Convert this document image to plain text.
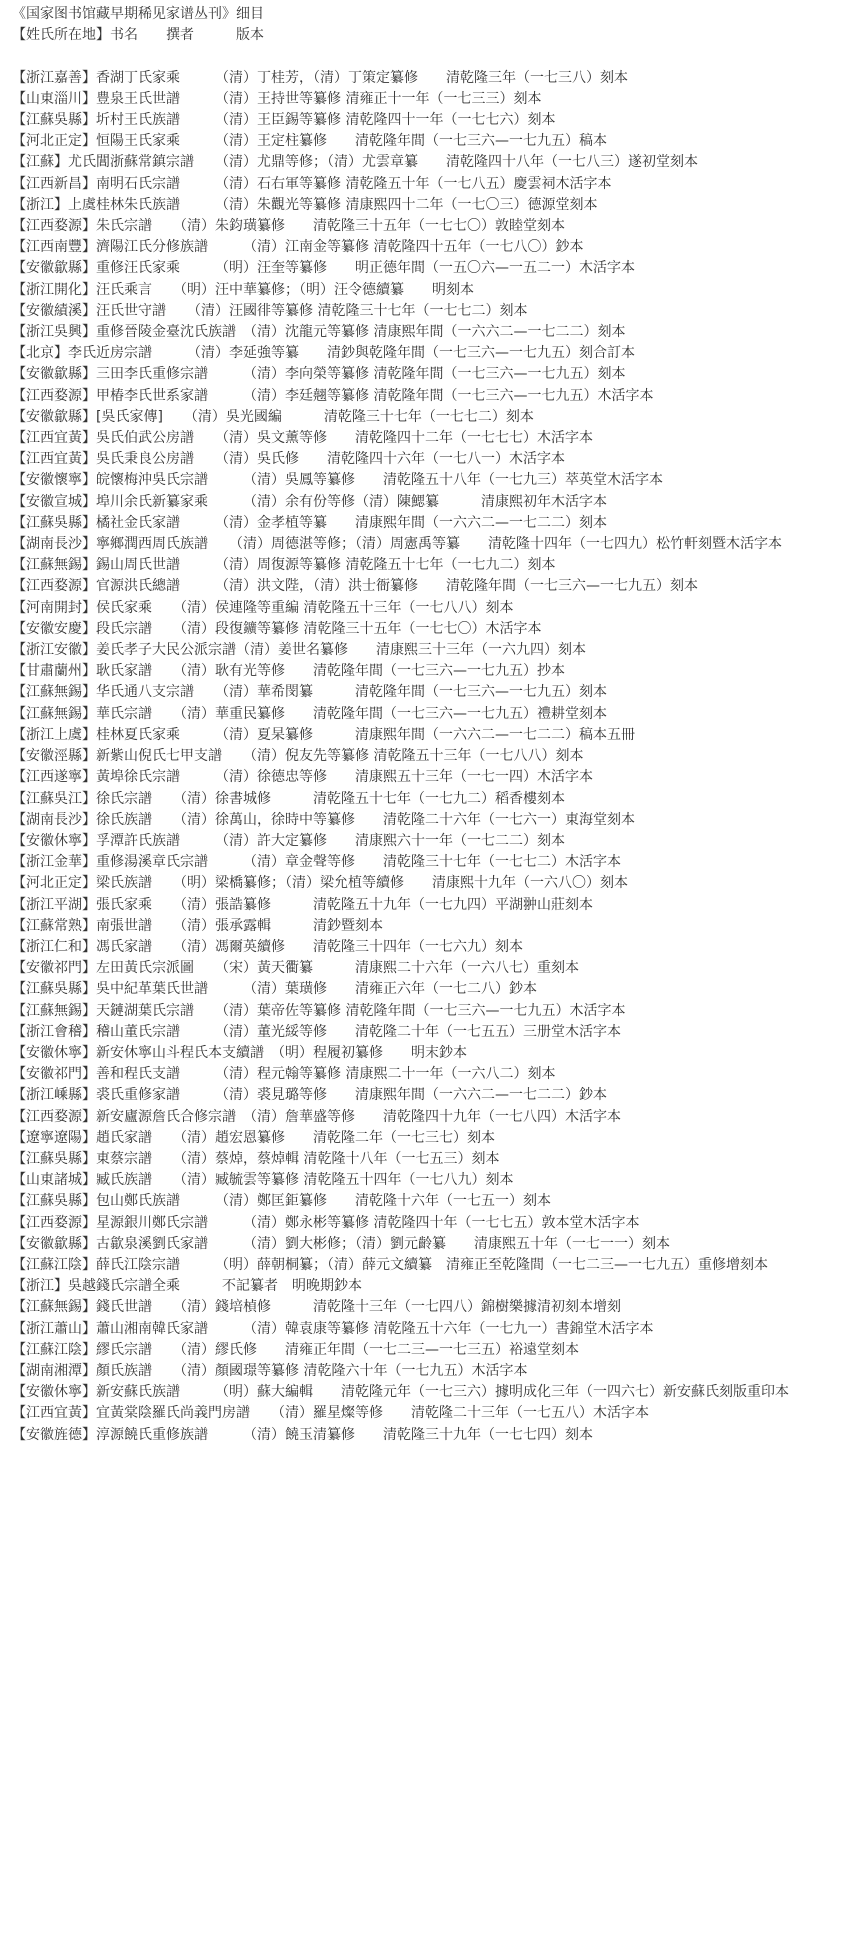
《国家图书馆藏早期稀见家谱丛刊》细目

【姓氏所在地】书名　　撰者　　　版本

【浙江嘉善】香湖丁氏家乘　　　（清）丁桂芳，（清）丁策定纂修　　清乾隆三年（一七三八）刻本

【山東淄川】豊泉王氏世譜　　　（清）王持世等纂修 清雍正十一年（一七三三）刻本

【江蘇吳縣】圻村王氏族譜　　　（清）王臣錫等纂修 清乾隆四十一年（一七七六）刻本

【河北正定】恒陽王氏家乘　　　（清）王定柱纂修　　清乾隆年間（一七三六—一七九五）稿本

【江蘇】尤氏閶浙蘇常鎮宗譜　　（清）尤鼎等修；（清）尤雲章纂　　清乾隆四十八年（一七八三）遂初堂刻本

【江西新昌】南明石氏宗譜　　　（清）石右軍等纂修 清乾隆五十年（一七八五）慶雲祠木活字本

【浙江】上虞桂林朱氏族譜　　　（清）朱觀光等纂修 清康熙四十二年（一七〇三）德源堂刻本

【江西婺源】朱氏宗譜　　（清）朱鈞璜纂修　　清乾隆三十五年（一七七〇）敦睦堂刻本

【江西南豐】濟陽江氏分修族譜　　　（清）江南金等纂修 清乾隆四十五年（一七八〇）鈔本

【安徽歙縣】重修汪氏家乘　　　（明）汪奎等纂修　　明正德年間（一五〇六—一五二一）木活字本

【浙江開化】汪氏乘言　　（明）汪中華纂修；（明）汪令德續纂　　明刻本

【安徽績溪】汪氏世守譜　　（清）汪國徘等纂修 清乾隆三十七年（一七七二）刻本

【浙江吳興】重修晉陵金臺沈氏族譜　（清）沈龍元等纂修 清康熙年間（一六六二—一七二二）刻本

【北京】李氏近房宗譜　　　（清）李延強等纂　　清鈔與乾隆年間（一七三六—一七九五）刻合訂本

【安徽歙縣】三田李氏重修宗譜　　　（清）李向榮等纂修 清乾隆年間（一七三六—一七九五）刻本

【江西婺源】甲椿李氏世系家譜　　　（清）李廷翹等纂修 清乾隆年間（一七三六—一七九五）木活字本

【安徽歙縣】[吳氏家傳]　　（清）吳光國編　　　清乾隆三十七年（一七七二）刻本

【江西宜黃】吳氏伯武公房譜　　（清）吳文薰等修　　清乾隆四十二年（一七七七）木活字本

【江西宜黃】吳氏秉良公房譜　　（清）吳氏修　　清乾隆四十六年（一七八一）木活字本

【安徽懷寧】皖懷梅沖吳氏宗譜　　　（清）吳鳳等纂修　　清乾隆五十八年（一七九三）萃英堂木活字本

【安徽宣城】埠川余氏新纂家乘　　　（清）余有份等修（清）陳鰓纂　　　清康熙初年木活字本

【江蘇吳縣】橘社金氏家譜　　　（清）金孝植等纂　　清康熙年間（一六六二—一七二二）刻本

【湖南長沙】寧鄉潤西周氏族譜　　（清）周德湛等修；（清）周憲禹等纂　　清乾隆十四年（一七四九）松竹軒刻暨木活字本

【江蘇無錫】錫山周氏世譜　　　（清）周復源等纂修 清乾隆五十七年（一七九二）刻本

【江西婺源】官源洪氏總譜　　　（清）洪文陛，（清）洪士衙纂修　　清乾隆年間（一七三六—一七九五）刻本

【河南開封】侯氏家乘　　（清）侯連隆等重編 清乾隆五十三年（一七八八）刻本

【安徽安慶】段氏宗譜　　（清）段復鑛等纂修 清乾隆三十五年（一七七〇）木活字本

【浙江安徽】姜氏孝子大民公派宗譜（清）姜世名纂修　　清康熙三十三年（一六九四）刻本

【甘肅蘭州】耿氏家譜　　（清）耿有光等修　　清乾隆年間（一七三六—一七九五）抄本

【江蘇無錫】华氏通八支宗譜　　（清）華希閔纂　　　清乾隆年間（一七三六—一七九五）刻本

【江蘇無錫】華氏宗譜　　（清）華重民纂修　　清乾隆年間（一七三六—一七九五）禮耕堂刻本

【浙江上虞】桂林夏氏家乘　　　（清）夏杲纂修　　　清康熙年間（一六六二—一七二二）稿本五冊

【安徽涇縣】新紫山倪氏七甲支譜　　（清）倪友先等纂修 清乾隆五十三年（一七八八）刻本

【江西遂寧】黃埠徐氏宗譜　　　（清）徐德忠等修　　清康熙五十三年（一七一四）木活字本

【江蘇吳江】徐氏宗譜　　（清）徐書城修　　　清乾隆五十七年（一七九二）稻香樓刻本

【湖南長沙】徐氏族譜　　（清）徐萬山，徐時中等纂修　　清乾隆二十六年（一七六一）東海堂刻本

【安徽休寧】孚潭許氏族譜　　　（清）許大定纂修　　清康熙六十一年（一七二二）刻本

【浙江金華】重修湯溪章氏宗譜　　　（清）章金聲等修　　清乾隆三十七年（一七七二）木活字本

【河北正定】梁氏族譜　　（明）梁橋纂修；（清）梁允植等續修　　清康熙十九年（一六八〇）刻本

【浙江平湖】張氏家乘　　（清）張誥纂修　　　清乾隆五十九年（一七九四）平湖翀山莊刻本

【江蘇常熟】南張世譜　　（清）張承露輯　　　清鈔暨刻本

【浙江仁和】馮氏家譜　　（清）馮爾英續修　　清乾隆三十四年（一七六九）刻本

【安徽祁門】左田黃氏宗派圖　　（宋）黃天衢纂　　　清康熙二十六年（一六八七）重刻本

【江蘇吳縣】吳中紀革葉氏世譜　　　（清）葉璜修　　清雍正六年（一七二八）鈔本

【江蘇無錫】天鏈湖葉氏宗譜　　（清）葉帝佐等纂修 清乾隆年間（一七三六—一七九五）木活字本

【浙江會稽】稽山董氏宗譜　　　（清）董光綏等修　　清乾隆二十年（一七五五）三册堂木活字本

【安徽休寧】新安休寧山斗程氏本支續譜　（明）程履初纂修　　明末鈔本

【安徽祁門】善和程氏支譜　　　（清）程元翰等纂修 清康熙二十一年（一六八二）刻本

【浙江嵊縣】裘氏重修家譜　　　（清）裘見璐等修　　清康熙年間（一六六二—一七二二）鈔本

【江西婺源】新安廬源詹氏合修宗譜　（清）詹華盛等修　　清乾隆四十九年（一七八四）木活字本

【遼寧遼陽】趙氏家譜　　（清）趙宏恩纂修　　清乾隆二年（一七三七）刻本

【江蘇吳縣】東蔡宗譜　　（清）蔡焯，蔡焯輯 清乾隆十八年（一七五三）刻本

【山東諸城】臧氏族譜　　（清）臧毓雲等纂修 清乾隆五十四年（一七八九）刻本

【江蘇吳縣】包山鄭氏族譜　　　（清）鄭匡鉅纂修　　清乾隆十六年（一七五一）刻本

【江西婺源】星源銀川鄭氏宗譜　　　（清）鄭永彬等纂修 清乾隆四十年（一七七五）敦本堂木活字本

【安徽歙縣】古歙泉溪劉氏家譜　　　（清）劉大彬修；（清）劉元齡纂　　清康熙五十年（一七一一）刻本

【江蘇江陰】薛氏江陰宗譜　　　（明）薛朝桐纂；（清）薛元文續纂　清雍正至乾隆間（一七二三—一七九五）重修增刻本

【浙江】吳越錢氏宗譜全乘　　　不記纂者　明晚期鈔本

【江蘇無錫】錢氏世譜　　（清）錢培楨修　　　清乾隆十三年（一七四八）錦樹樂據清初刻本增刻

【浙江蕭山】蕭山湘南韓氏家譜　　　（清）韓袁康等纂修 清乾隆五十六年（一七九一）書錦堂木活字本

【江蘇江陰】繆氏宗譜　　（清）繆氏修　　清雍正年間（一七二三—一七三五）裕遠堂刻本

【湖南湘潭】顏氏族譜　　（清）顏國璟等纂修 清乾隆六十年（一七九五）木活字本

【安徽休寧】新安蘇氏族譜　　　（明）蘇大編輯　　清乾隆元年（一七三六）據明成化三年（一四六七）新安蘇氏刻版重印本

【江西宜黃】宜黃棠陰羅氏尚義門房譜　　（清）羅星燦等修　　清乾隆二十三年（一七五八）木活字本

【安徽旌德】淳源饒氏重修族譜　　　（清）饒玉清纂修　　清乾隆三十九年（一七七四）刻本
